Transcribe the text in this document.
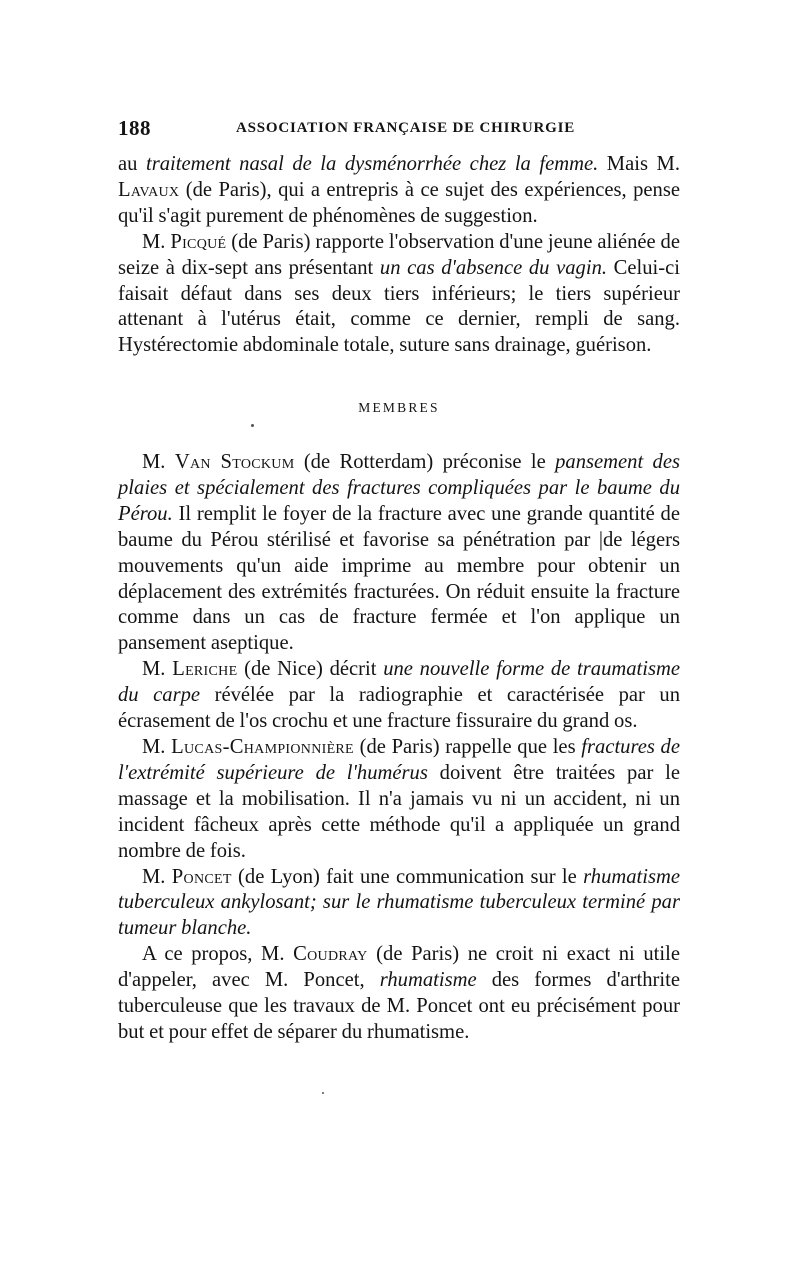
188	ASSOCIATION FRANÇAISE DE CHIRURGIE

au traitement nasal de la dysménorrhée chez la femme. Mais M. Lavaux (de Paris), qui a entrepris à ce sujet des expériences, pense qu'il s'agit purement de phénomènes de suggestion.

M. Picqué (de Paris) rapporte l'observation d'une jeune aliénée de seize à dix-sept ans présentant un cas d'absence du vagin. Celui-ci faisait défaut dans ses deux tiers inférieurs; le tiers supérieur attenant à l'utérus était, comme ce dernier, rempli de sang. Hystérectomie abdominale totale, suture sans drainage, guérison.

MEMBRES

M. Van Stockum (de Rotterdam) préconise le pansement des plaies et spécialement des fractures compliquées par le baume du Pérou. Il remplit le foyer de la fracture avec une grande quantité de baume du Pérou stérilisé et favorise sa pénétration par |de légers mouvements qu'un aide imprime au membre pour obtenir un déplacement des extrémités fracturées. On réduit ensuite la fracture comme dans un cas de fracture fermée et l'on applique un pansement aseptique.

M. Leriche (de Nice) décrit une nouvelle forme de traumatisme du carpe révélée par la radiographie et caractérisée par un écrasement de l'os crochu et une fracture fissuraire du grand os.

M. Lucas-Championnière (de Paris) rappelle que les fractures de l'extrémité supérieure de l'humérus doivent être traitées par le massage et la mobilisation. Il n'a jamais vu ni un accident, ni un incident fâcheux après cette méthode qu'il a appliquée un grand nombre de fois.

M. Poncet (de Lyon) fait une communication sur le rhumatisme tuberculeux ankylosant; sur le rhumatisme tuberculeux terminé par tumeur blanche.

A ce propos, M. Coudray (de Paris) ne croit ni exact ni utile d'appeler, avec M. Poncet, rhumatisme des formes d'arthrite tuberculeuse que les travaux de M. Poncet ont eu précisément pour but et pour effet de séparer du rhumatisme.
